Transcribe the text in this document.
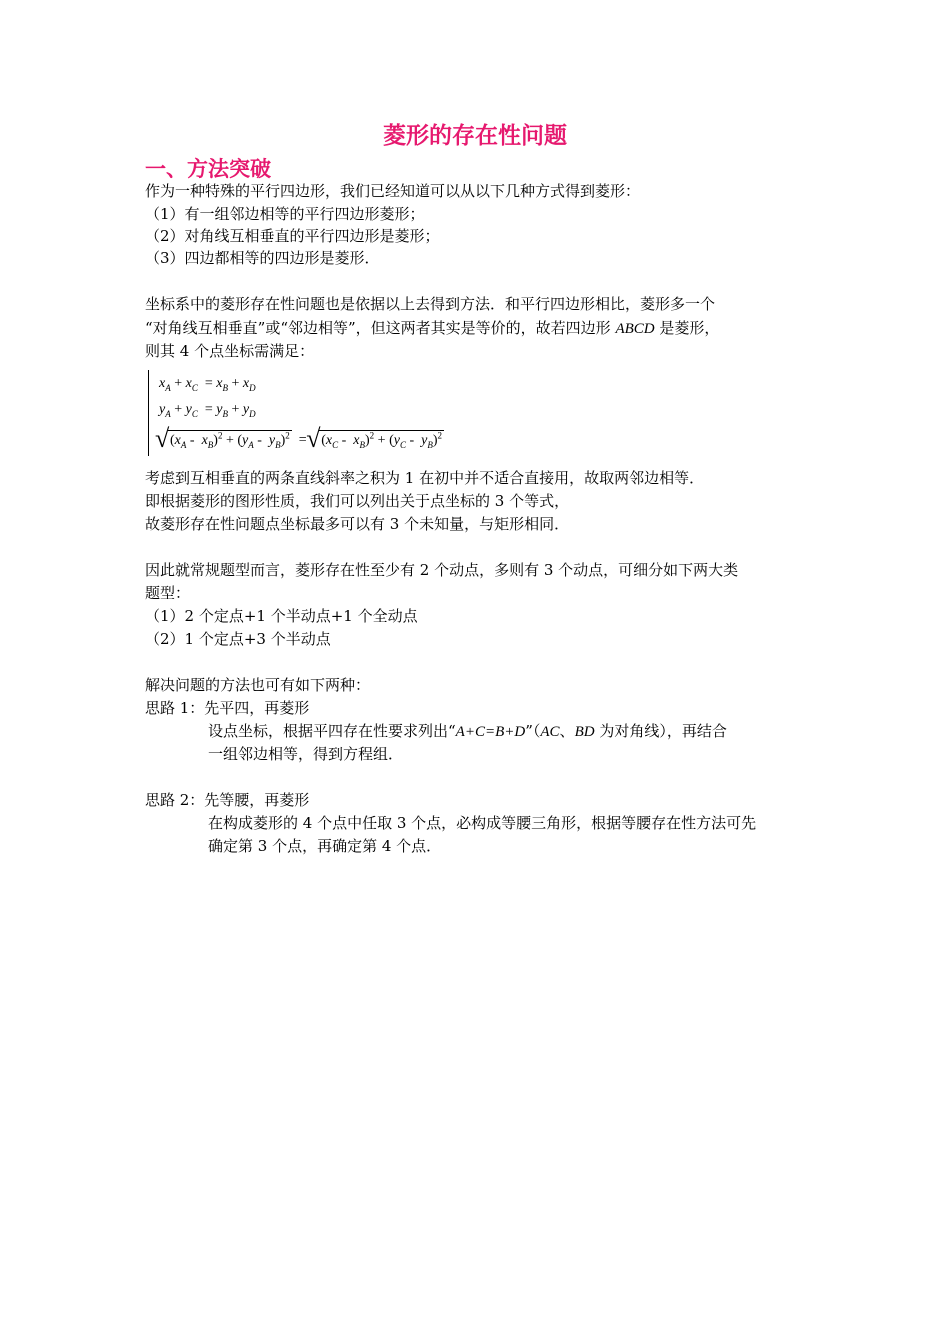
菱形的存在性问题
一、方法突破
作为一种特殊的平行四边形，我们已经知道可以从以下几种方式得到菱形：
（1）有一组邻边相等的平行四边形菱形；
（2）对角线互相垂直的平行四边形是菱形；
（3）四边都相等的四边形是菱形．
坐标系中的菱形存在性问题也是依据以上去得到方法．和平行四边形相比，菱形多一个
“对角线互相垂直”或“邻边相等”，但这两者其实是等价的，故若四边形 ABCD 是菱形，
则其 4 个点坐标需满足：
$x_A + x_C = x_B + x_D$
$y_A + y_C = y_B + y_D$
√ $(x_A - x_B)^2 + (y_A - y_B)^2$  = √ $(x_C - x_B)^2 + (y_C - y_B)^2$
考虑到互相垂直的两条直线斜率之积为 1 在初中并不适合直接用，故取两邻边相等．
即根据菱形的图形性质，我们可以列出关于点坐标的 3 个等式，
故菱形存在性问题点坐标最多可以有 3 个未知量，与矩形相同．
因此就常规题型而言，菱形存在性至少有 2 个动点，多则有 3 个动点，可细分如下两大类
题型：
（1）2 个定点+1 个半动点+1 个全动点
（2）1 个定点+3 个半动点
解决问题的方法也可有如下两种：
思路 1：先平四，再菱形
设点坐标，根据平四存在性要求列出“A+C=B+D”（AC、BD 为对角线），再结合
一组邻边相等，得到方程组．
思路 2：先等腰，再菱形
在构成菱形的 4 个点中任取 3 个点，必构成等腰三角形，根据等腰存在性方法可先
确定第 3 个点，再确定第 4 个点．
